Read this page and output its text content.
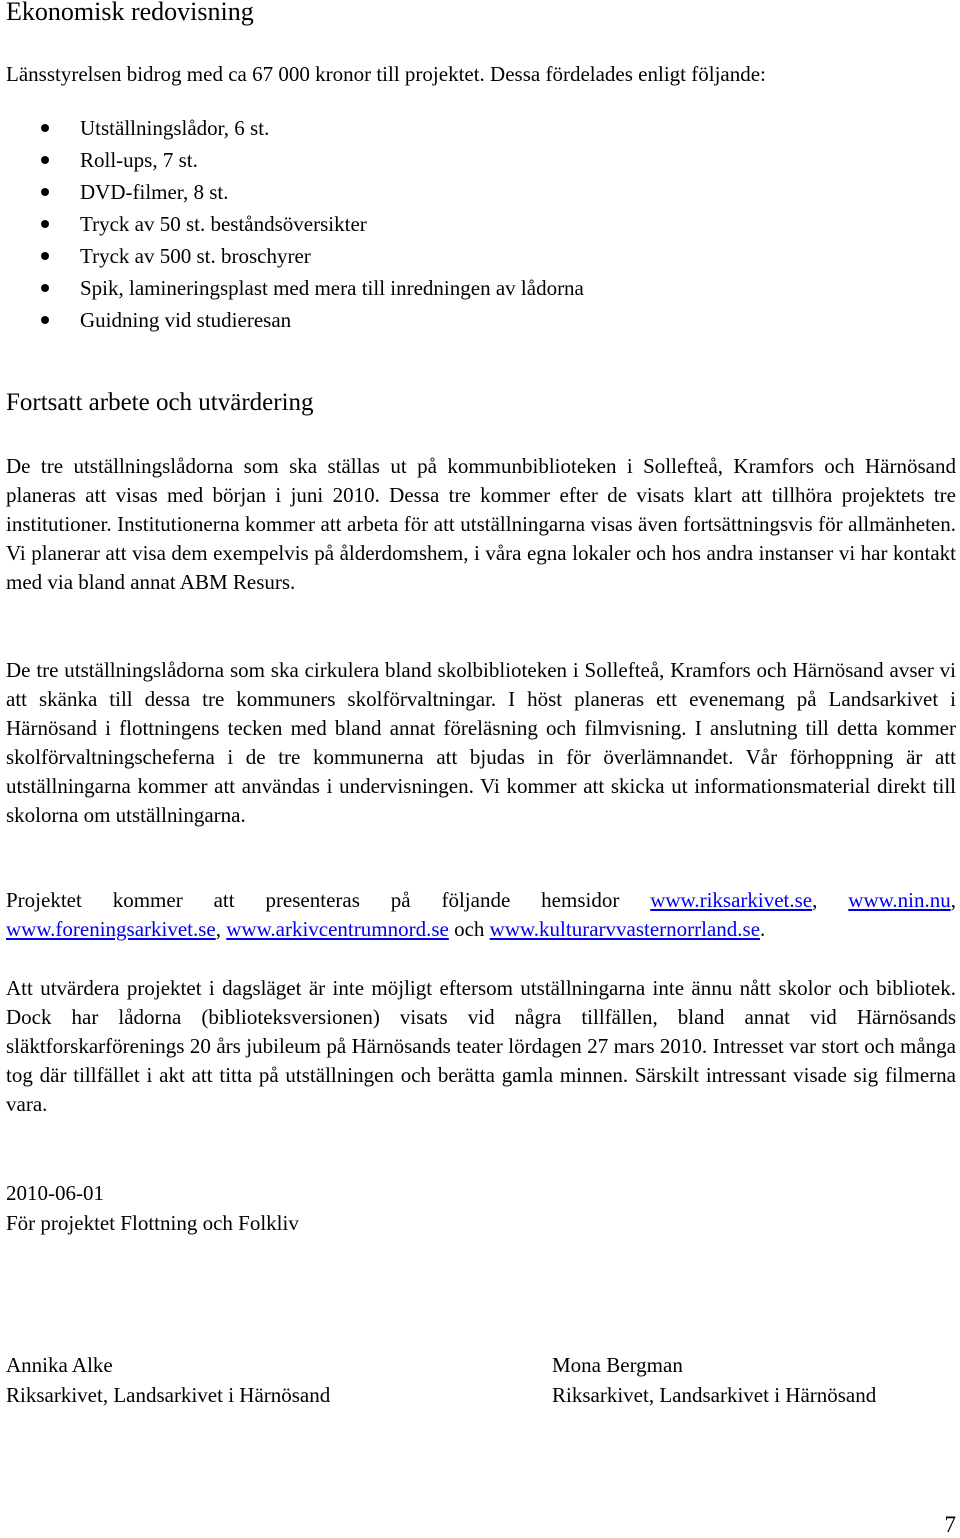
Ekonomisk redovisning

Länsstyrelsen bidrog med ca 67 000 kronor till projektet. Dessa fördelades enligt följande:

Utställningslådor, 6 st.
Roll-ups, 7 st.
DVD-filmer, 8 st.
Tryck av 50 st. beståndsöversikter
Tryck av 500 st. broschyrer
Spik, lamineringsplast med mera till inredningen av lådorna
Guidning vid studieresan
Fortsatt arbete och utvärdering

De tre utställningslådorna som ska ställas ut på kommunbiblioteken i Sollefteå, Kramfors och Härnösand planeras att visas med början i juni 2010. Dessa tre kommer efter de visats klart att tillhöra projektets tre institutioner. Institutionerna kommer att arbeta för att utställningarna visas även fortsättningsvis för allmänheten. Vi planerar att visa dem exempelvis på ålderdomshem, i våra egna lokaler och hos andra instanser vi har kontakt med via bland annat ABM Resurs.

De tre utställningslådorna som ska cirkulera bland skolbiblioteken i Sollefteå, Kramfors och Härnösand avser vi att skänka till dessa tre kommuners skolförvaltningar. I höst planeras ett evenemang på Landsarkivet i Härnösand i flottningens tecken med bland annat föreläsning och filmvisning. I anslutning till detta kommer skolförvaltningscheferna i de tre kommunerna att bjudas in för överlämnandet. Vår förhoppning är att utställningarna kommer att användas i undervisningen. Vi kommer att skicka ut informationsmaterial direkt till skolorna om utställningarna.

Projektet kommer att presenteras på följande hemsidor www.riksarkivet.se, www.nin.nu, www.foreningsarkivet.se, www.arkivcentrumnord.se och www.kulturarvvasternorrland.se.

Att utvärdera projektet i dagsläget är inte möjligt eftersom utställningarna inte ännu nått skolor och bibliotek. Dock har lådorna (biblioteksversionen) visats vid några tillfällen, bland annat vid Härnösands släktforskarförenings 20 års jubileum på Härnösands teater lördagen 27 mars 2010. Intresset var stort och många tog där tillfället i akt att titta på utställningen och berätta gamla minnen. Särskilt intressant visade sig filmerna vara.

2010-06-01
För projektet Flottning och Folkliv
Annika Alke
Riksarkivet, Landsarkivet i Härnösand
Mona Bergman
Riksarkivet, Landsarkivet i Härnösand
7
